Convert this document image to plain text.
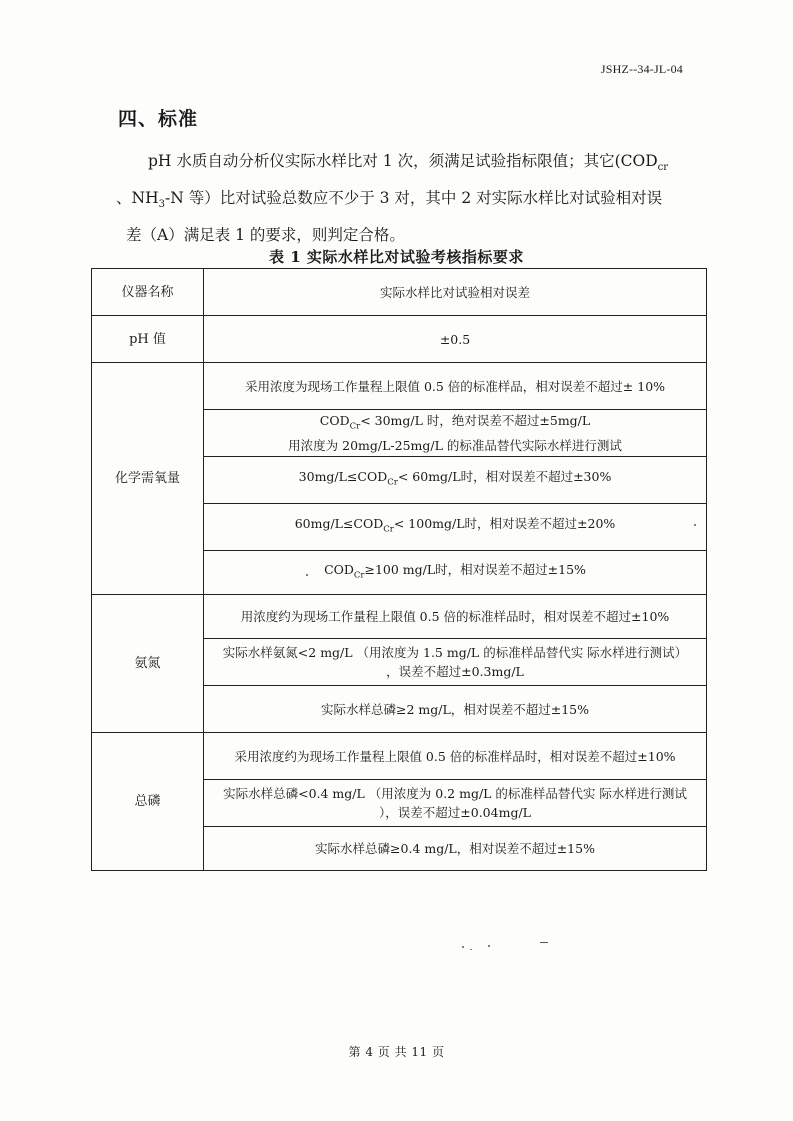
JSHZ--34-JL-04
四、标准
pH 水质自动分析仪实际水样比对 1 次，须满足试验指标限值；其它($COD_{cr}$
、$NH_3-N$ 等）比对试验总数应不少于 3 对，其中 2 对实际水样比对试验相对误
差（A）满足表 1 的要求，则判定合格。
表 1 实际水样比对试验考核指标要求
仪器名称	实际水样比对试验相对误差
pH 值	±0.5
化学需氧量	采用浓度为现场工作量程上限值 0.5 倍的标准样品，相对误差不超过± 10%

	$COD_{Cr}< 30mg/L$ 时，绝对误差不超过±5mg/L
用浓度为 20mg/L-25mg/L 的标准品替代实际水样进行测试

	$30mg/L\le COD_{Cr}< 60mg/L$时，相对误差不超过±30%
	$60mg/L\le COD_{Cr}< 100mg/L$时，相对误差不超过±20%
	$COD_{Cr}\ge 100$ mg/L时，相对误差不超过±15%
氨氮	用浓度约为现场工作量程上限值 0.5 倍的标准样品时，相对误差不超过±10%

	实际水样氨氮<2 mg/L （用浓度为 1.5 mg/L 的标准样品替代实 际水样进行测试）
，误差不超过±0.3mg/L

	实际水样总磷≥2 mg/L，相对误差不超过±15%
总磷	采用浓度约为现场工作量程上限值 0.5 倍的标准样品时，相对误差不超过±10%

	实际水样总磷<0.4 mg/L （用浓度为 0.2 mg/L 的标准样品替代实 际水样进行测试
），误差不超过±0.04mg/L

	实际水样总磷≥0.4 mg/L，相对误差不超过±15%
第 4 页 共 11 页
